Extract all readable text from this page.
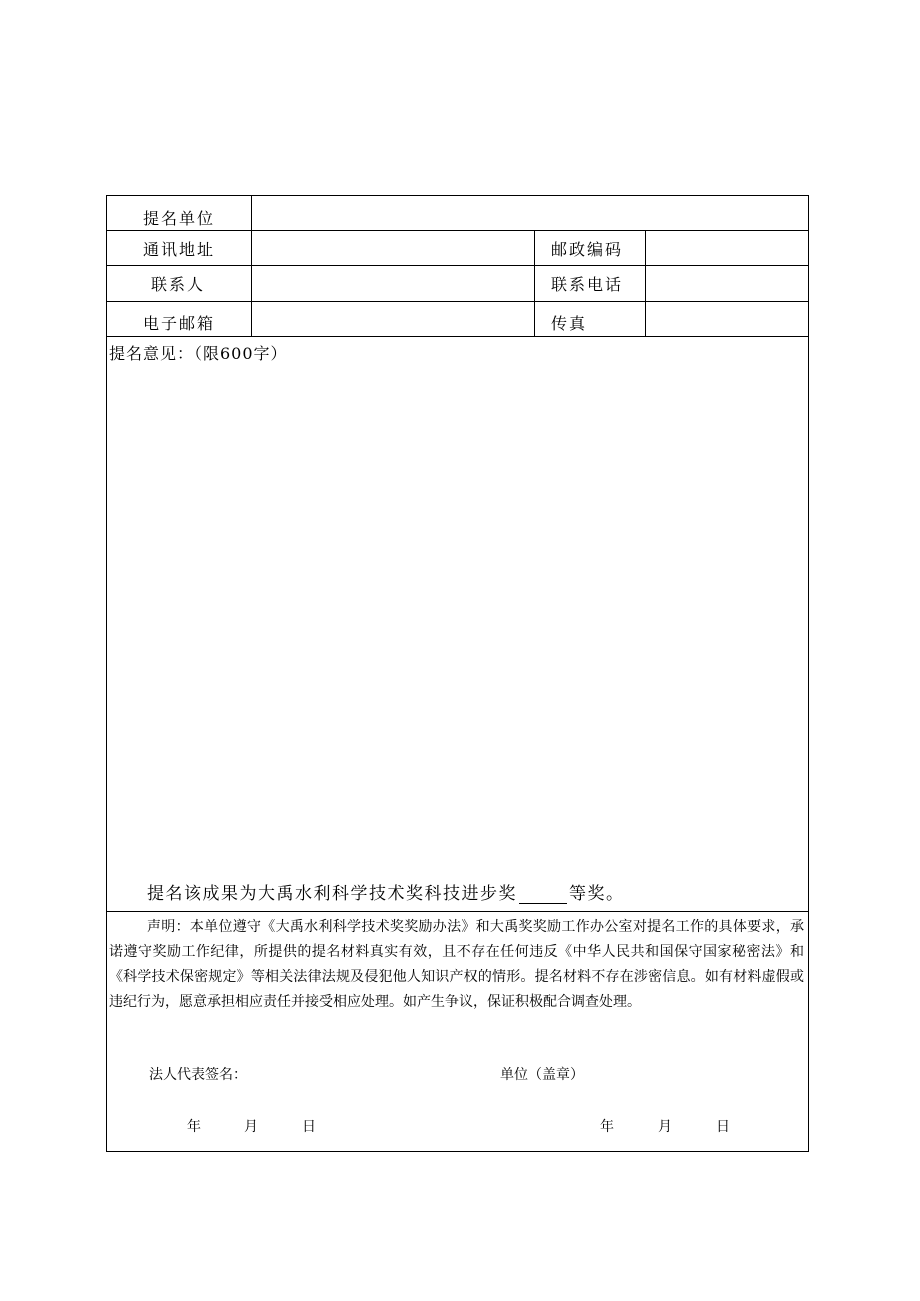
提名单位
通讯地址	邮政编码
联系人	联系电话
电子邮箱	传真
提名意见：（限600字）
提名该成果为大禹水利科学技术奖科技进步奖	等奖。
声明：本单位遵守《大禹水利科学技术奖奖励办法》和大禹奖奖励工作办公室对提名工作的具体要求，承诺遵守奖励工作纪律，所提供的提名材料真实有效，且不存在任何违反《中华人民共和国保守国家秘密法》和《科学技术保密规定》等相关法律法规及侵犯他人知识产权的情形。提名材料不存在涉密信息。如有材料虚假或违纪行为，愿意承担相应责任并接受相应处理。如产生争议，保证积极配合调查处理。
法人代表签名：	单位（盖章）
年	月	日	年	月	日
